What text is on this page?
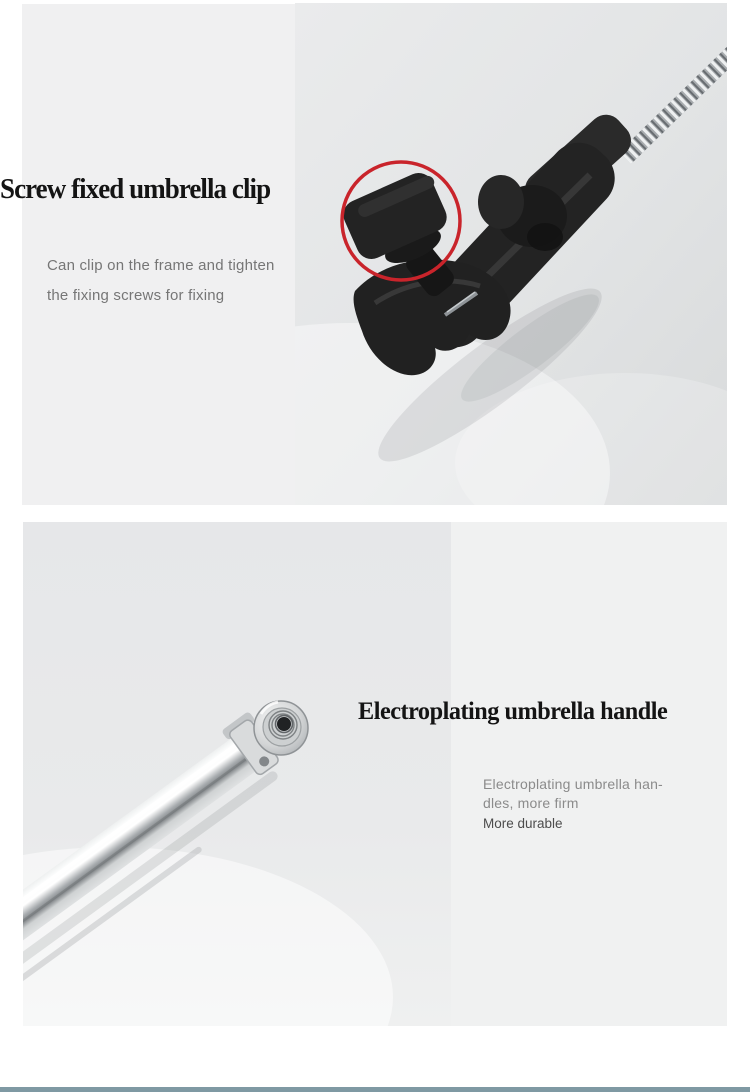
Screw fixed umbrella clip
Can clip on the frame and tighten
the fixing screws for fixing
Electroplating umbrella handle
Electroplating umbrella han-
dles, more firm
More durable
